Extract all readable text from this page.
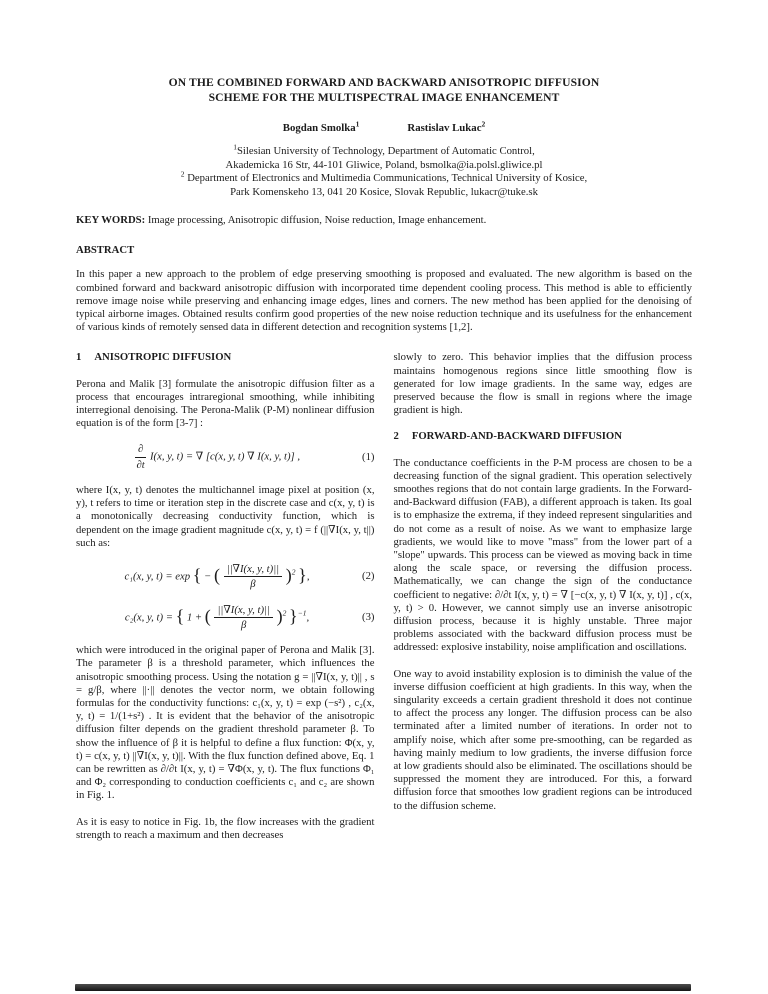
ON THE COMBINED FORWARD AND BACKWARD ANISOTROPIC DIFFUSION
SCHEME FOR THE MULTISPECTRAL IMAGE ENHANCEMENT
Bogdan Smolka$^1$	Rastislav Lukac$^2$
$^1$Silesian University of Technology, Department of Automatic Control,
Akademicka 16 Str, 44-101 Gliwice, Poland, bsmolka@ia.polsl.gliwice.pl
$^2$ Department of Electronics and Multimedia Communications, Technical University of Kosice,
Park Komenskeho 13, 041 20 Kosice, Slovak Republic, lukacr@tuke.sk

KEY WORDS: Image processing, Anisotropic diffusion, Noise reduction, Image enhancement.

ABSTRACT

In this paper a new approach to the problem of edge preserving smoothing is proposed and evaluated. The new algorithm is based on the combined forward and backward anisotropic diffusion with incorporated time dependent cooling process. This method is able to efficiently remove image noise while preserving and enhancing image edges, lines and corners. The new method has been applied for the denoising of typical airborne images. Obtained results confirm good properties of the new noise reduction technique and its usefulness for the enhancement of various kinds of remotely sensed data in different detection and recognition systems [1,2].

1 ANISOTROPIC DIFFUSION

Perona and Malik [3] formulate the anisotropic diffusion filter as a process that encourages intraregional smoothing, while inhibiting interregional denoising. The Perona-Malik (P-M) nonlinear diffusion equation is of the form [3-7] :

$\frac{\partial}{\partial t} I(x$, y, t) = ∇ [c(x, y, t) ∇ I(x, y, t)] ,	(1)

where I(x, y, t) denotes the multichannel image pixel at position (x, y), t refers to time or iteration step in the discrete case and c(x, y, t) is a monotonically decreasing conductivity function, which is dependent on the image gradient magnitude c(x, y, t) = f (||∇I(x, y, t||) such as:

c₁(x, y, t) = exp { − ( $\frac{||\nabla I(x, y, t)||}{\beta} )^2$ },	(2)
c₂(x, y, t) = { 1 + ( $\frac{||\nabla I(x, y, t)||}{\beta} )^2$ }$^{-1}$,	(3)

which were introduced in the original paper of Perona and Malik [3]. The parameter β is a threshold parameter, which influences the anisotropic smoothing process. Using the notation g = ||∇I(x, y, t)|| , s = g/β, where ||·|| denotes the vector norm, we obtain following formulas for the conductivity functions: c₁(x, y, t) = exp (−s²) , c₂(x, y, t) = 1/(1+s²) . It is evident that the behavior of the anisotropic diffusion filter depends on the gradient threshold parameter β. To show the influence of β it is helpful to define a flux function: Φ(x, y, t) = c(x, y, t) ||∇I(x, y, t)||. With the flux function defined above, Eq. 1 can be rewritten as ∂/∂t I(x, y, t) = ∇Φ(x, y, t). The flux functions Φ₁ and Φ₂ corresponding to conduction coefficients c₁ and c₂ are shown in Fig. 1.

As it is easy to notice in Fig. 1b, the flow increases with the gradient strength to reach a maximum and then decreases

slowly to zero. This behavior implies that the diffusion process maintains homogenous regions since little smoothing flow is generated for low image gradients. In the same way, edges are preserved because the flow is small in regions where the image gradient is high.

2 FORWARD-AND-BACKWARD DIFFUSION

The conductance coefficients in the P-M process are chosen to be a decreasing function of the signal gradient. This operation selectively smoothes regions that do not contain large gradients. In the Forward-and-Backward diffusion (FAB), a different approach is taken. Its goal is to emphasize the extrema, if they indeed represent singularities and do not come as a result of noise. As we want to emphasize large gradients, we would like to move "mass" from the lower part of a "slope" upwards. This process can be viewed as moving back in time along the scale space, or reversing the diffusion process. Mathematically, we can change the sign of the conductance coefficient to negative: ∂/∂t I(x, y, t) = ∇ [−c(x, y, t) ∇ I(x, y, t)] , c(x, y, t) > 0. However, we cannot simply use an inverse anisotropic diffusion process, because it is highly unstable. Three major problems associated with the backward diffusion process must be addressed: explosive instability, noise amplification and oscillations.

One way to avoid instability explosion is to diminish the value of the inverse diffusion coefficient at high gradients. In this way, when the singularity exceeds a certain gradient threshold it does not continue to affect the process any longer. The diffusion process can be also terminated after a limited number of iterations. In order not to amplify noise, which after some pre-smoothing, can be regarded as having mainly medium to low gradients, the inverse diffusion force at low gradients should also be eliminated. The oscillations should be suppressed the moment they are introduced. For this, a forward diffusion force that smoothes low gradient regions can be introduced to the diffusion scheme.
